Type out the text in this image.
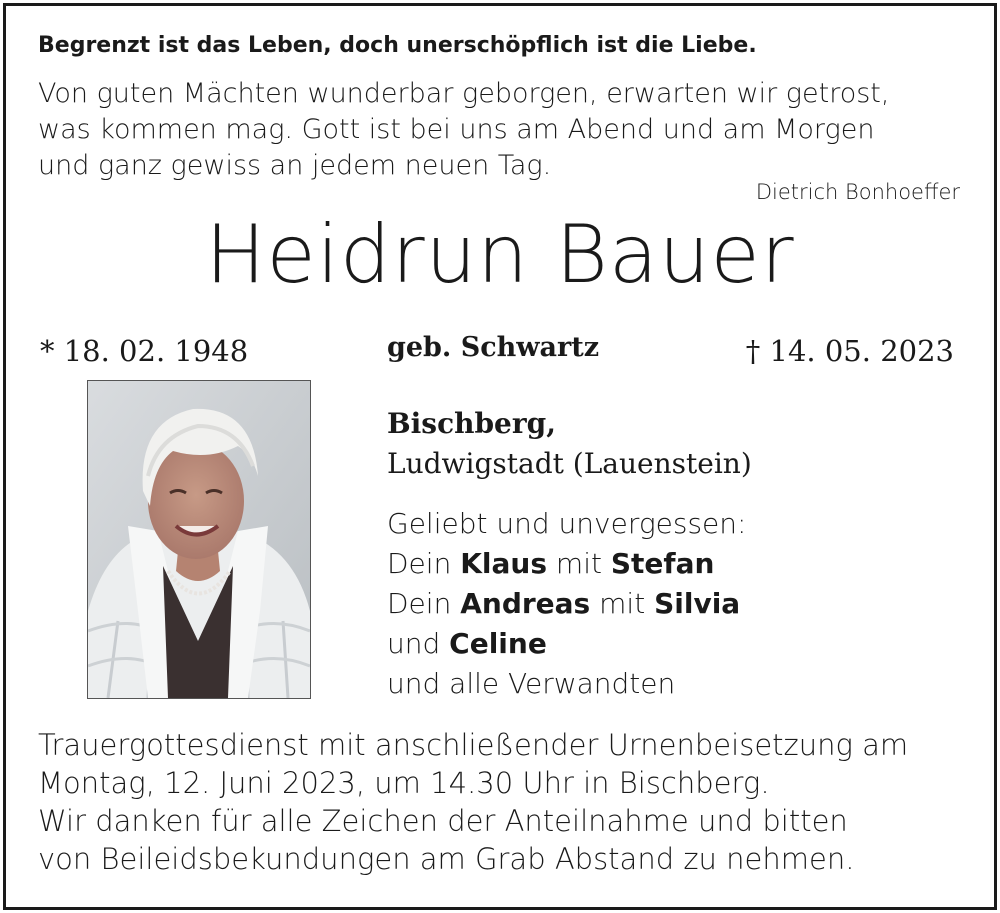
Begrenzt ist das Leben, doch unerschöpflich ist die Liebe.
Von guten Mächten wunderbar geborgen, erwarten wir getrost,
was kommen mag. Gott ist bei uns am Abend und am Morgen
und ganz gewiss an jedem neuen Tag.
Dietrich Bonhoeffer
Heidrun Bauer
* 18. 02. 1948	geb. Schwartz	† 14. 05. 2023
Bischberg,
Ludwigstadt (Lauenstein)
Geliebt und unvergessen:
Dein Klaus mit Stefan
Dein Andreas mit Silvia
und Celine
und alle Verwandten
Trauergottesdienst mit anschließender Urnenbeisetzung am
Montag, 12. Juni 2023, um 14.30 Uhr in Bischberg.
Wir danken für alle Zeichen der Anteilnahme und bitten
von Beileidsbekundungen am Grab Abstand zu nehmen.
